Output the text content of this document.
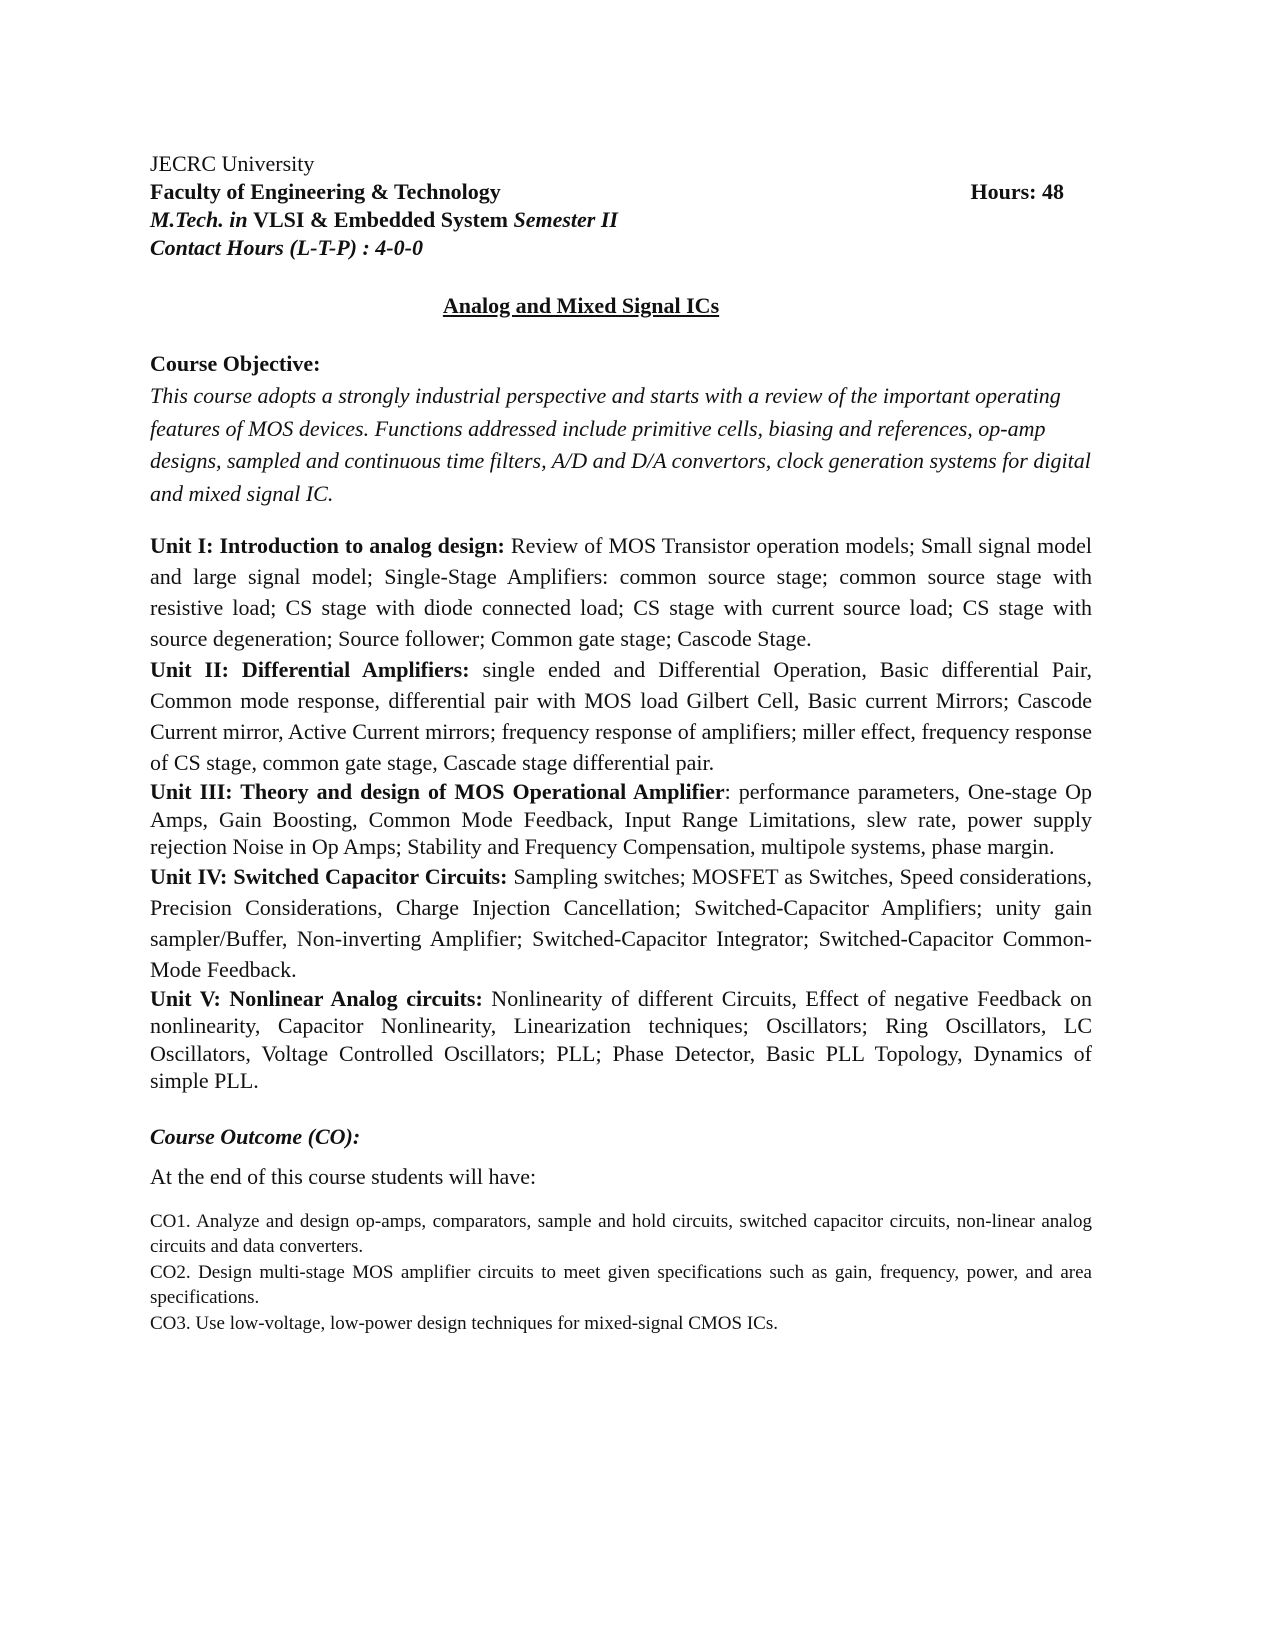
JECRC University
Faculty of Engineering & Technology	Hours: 48
M.Tech. in VLSI & Embedded System Semester II
Contact Hours (L-T-P) : 4-0-0
Analog and Mixed Signal ICs
Course Objective:
This course adopts a strongly industrial perspective and starts with a review of the important operating features of MOS devices. Functions addressed include primitive cells, biasing and references, op-amp designs, sampled and continuous time filters, A/D and D/A convertors, clock generation systems for digital and mixed signal IC.
Unit I: Introduction to analog design: Review of MOS Transistor operation models; Small signal model and large signal model; Single-Stage Amplifiers: common source stage; common source stage with resistive load; CS stage with diode connected load; CS stage with current source load; CS stage with source degeneration; Source follower; Common gate stage; Cascode Stage.
Unit II: Differential Amplifiers: single ended and Differential Operation, Basic differential Pair, Common mode response, differential pair with MOS load Gilbert Cell, Basic current Mirrors; Cascode Current mirror, Active Current mirrors; frequency response of amplifiers; miller effect, frequency response of CS stage, common gate stage, Cascade stage differential pair.
Unit III: Theory and design of MOS Operational Amplifier: performance parameters, One-stage Op Amps, Gain Boosting, Common Mode Feedback, Input Range Limitations, slew rate, power supply rejection Noise in Op Amps; Stability and Frequency Compensation, multipole systems, phase margin.
Unit IV: Switched Capacitor Circuits: Sampling switches; MOSFET as Switches, Speed considerations, Precision Considerations, Charge Injection Cancellation; Switched-Capacitor Amplifiers; unity gain sampler/Buffer, Non-inverting Amplifier; Switched-Capacitor Integrator; Switched-Capacitor Common-Mode Feedback.
Unit V: Nonlinear Analog circuits: Nonlinearity of different Circuits, Effect of negative Feedback on nonlinearity, Capacitor Nonlinearity, Linearization techniques; Oscillators; Ring Oscillators, LC Oscillators, Voltage Controlled Oscillators; PLL; Phase Detector, Basic PLL Topology, Dynamics of simple PLL.
Course Outcome (CO):
At the end of this course students will have:
CO1. Analyze and design op-amps, comparators, sample and hold circuits, switched capacitor circuits, non-linear analog circuits and data converters.
CO2. Design multi-stage MOS amplifier circuits to meet given specifications such as gain, frequency, power, and area specifications.
CO3. Use low-voltage, low-power design techniques for mixed-signal CMOS ICs.
